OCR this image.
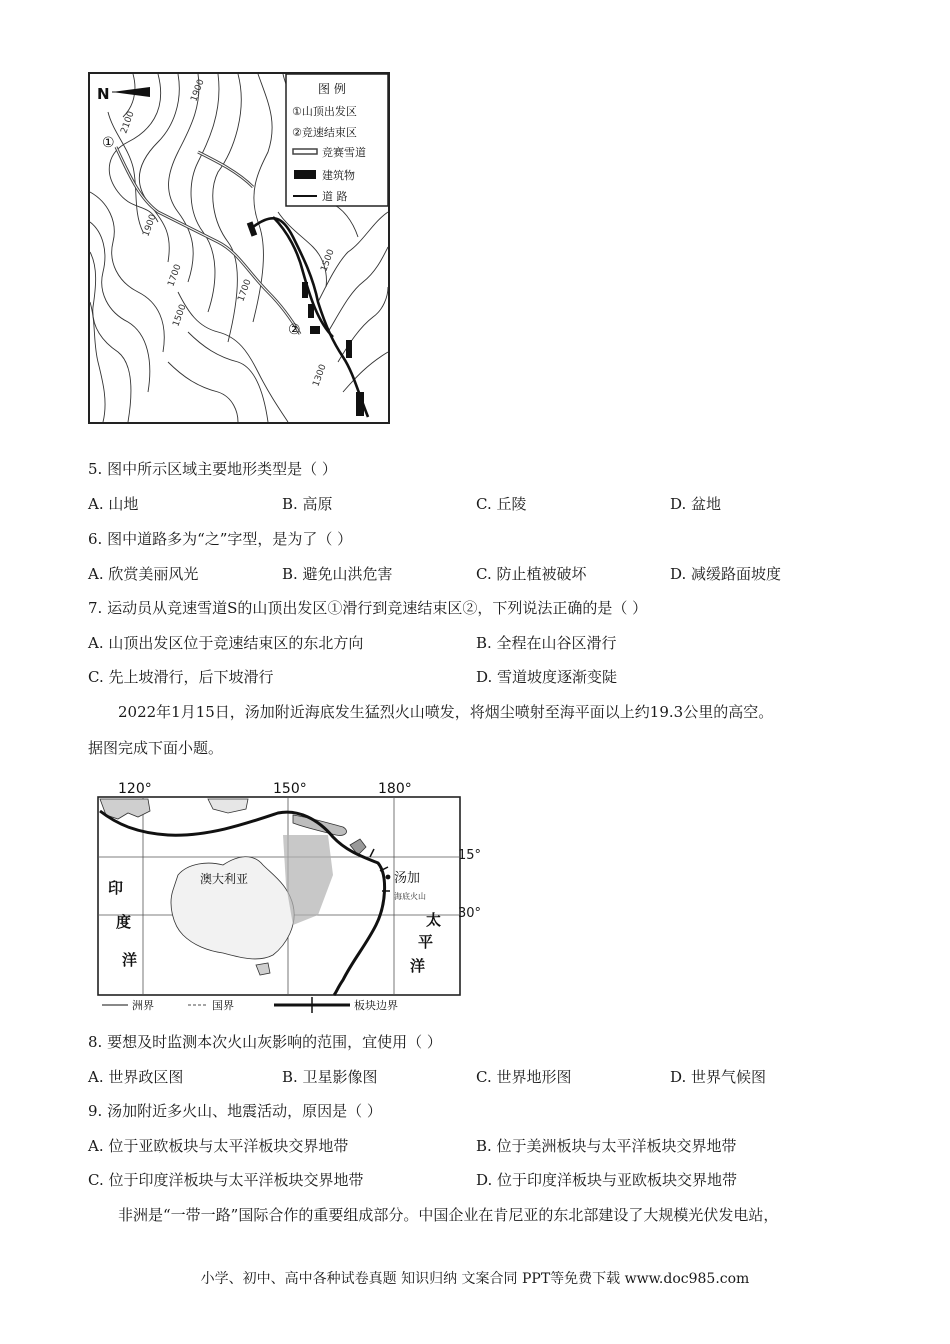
N
①
②
2100
1900
1900
1700
1500
1500
1300
1700
图 例
①山顶出发区
②竞速结束区
竞赛雪道
建筑物
道 路
5. 图中所示区域主要地形类型是（ ）
A. 山地	B. 高原	C. 丘陵	D. 盆地
6. 图中道路多为“之”字型，是为了（ ）
A. 欣赏美丽风光	B. 避免山洪危害	C. 防止植被破坏	D. 减缓路面坡度
7. 运动员从竞速雪道S的山顶出发区①滑行到竞速结束区②，下列说法正确的是（ ）
A. 山顶出发区位于竞速结束区的东北方向	B. 全程在山谷区滑行
C. 先上坡滑行，后下坡滑行	D. 雪道坡度逐渐变陡
2022年1月15日，汤加附近海底发生猛烈火山喷发，将烟尘喷射至海平面以上约19.3公里的高空。
据图完成下面小题。
120°	150°	180°
澳大利亚	汤加
海底火山
印
度
洋
太
平
洋
洲界	国界	板块边界
15°
30°
8. 要想及时监测本次火山灰影响的范围，宜使用（ ）
A. 世界政区图	B. 卫星影像图	C. 世界地形图	D. 世界气候图
9. 汤加附近多火山、地震活动，原因是（ ）
A. 位于亚欧板块与太平洋板块交界地带	B. 位于美洲板块与太平洋板块交界地带
C. 位于印度洋板块与太平洋板块交界地带	D. 位于印度洋板块与亚欧板块交界地带
非洲是“一带一路”国际合作的重要组成部分。中国企业在肯尼亚的东北部建设了大规模光伏发电站，
小学、初中、高中各种试卷真题 知识归纳 文案合同 PPT等免费下载 www.doc985.com
